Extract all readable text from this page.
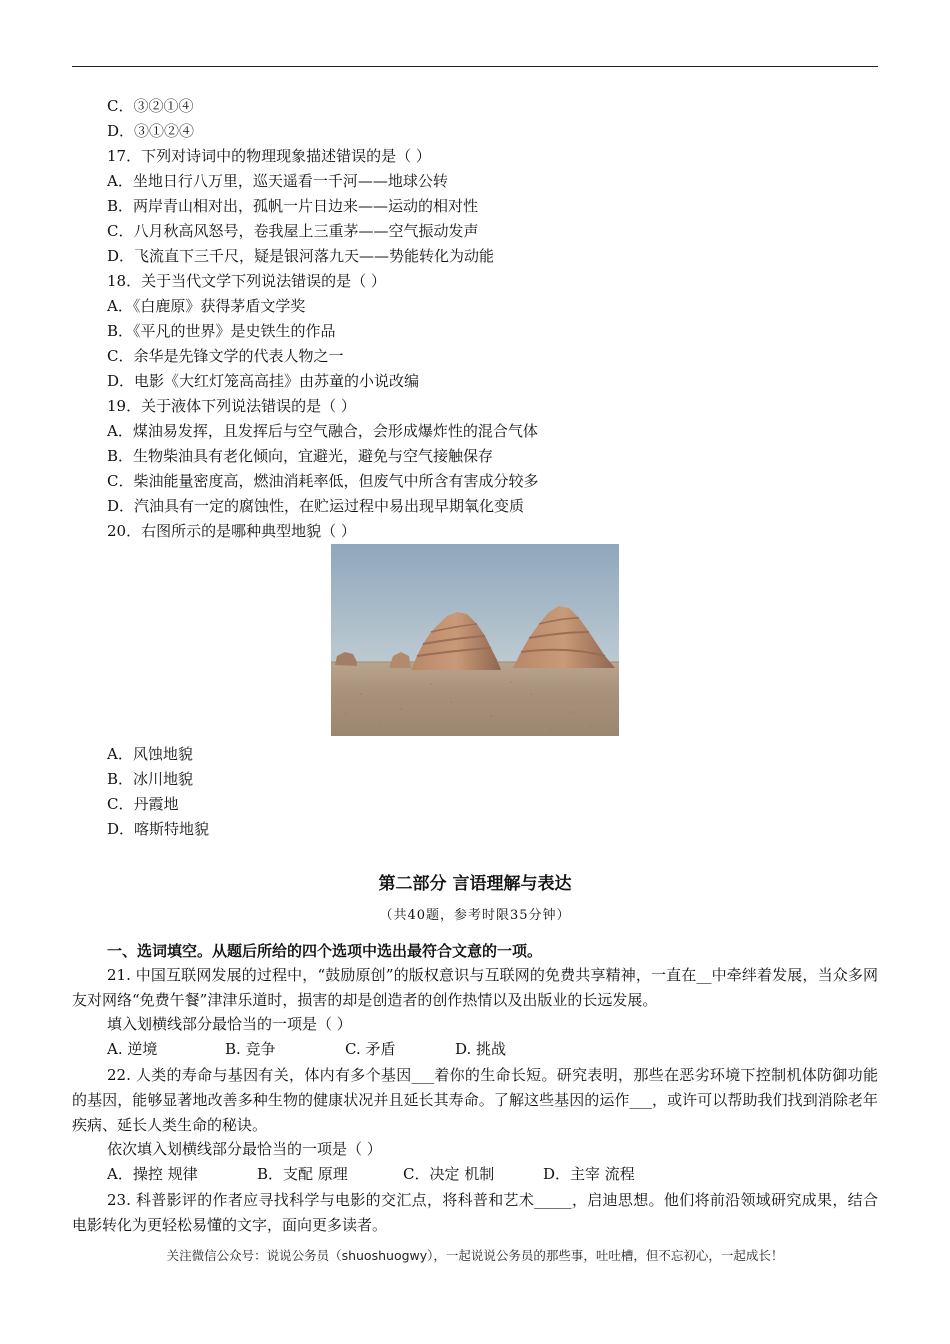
C．③②①④
D．③①②④
17．下列对诗词中的物理现象描述错误的是（ ）
A．坐地日行八万里，巡天遥看一千河——地球公转
B．两岸青山相对出，孤帆一片日边来——运动的相对性
C．八月秋高风怒号，卷我屋上三重茅——空气振动发声
D．飞流直下三千尺，疑是银河落九天——势能转化为动能
18．关于当代文学下列说法错误的是（ ）
A．《白鹿原》获得茅盾文学奖
B．《平凡的世界》是史铁生的作品
C．余华是先锋文学的代表人物之一
D．电影《大红灯笼高高挂》由苏童的小说改编
19．关于液体下列说法错误的是（ ）
A．煤油易发挥，且发挥后与空气融合，会形成爆炸性的混合气体
B．生物柴油具有老化倾向，宜避光，避免与空气接触保存
C．柴油能量密度高，燃油消耗率低，但废气中所含有害成分较多
D．汽油具有一定的腐蚀性，在贮运过程中易出现早期氧化变质
20．右图所示的是哪种典型地貌（ ）
A．风蚀地貌
B．冰川地貌
C．丹霞地
D．喀斯特地貌
第二部分 言语理解与表达
（共40题，参考时限35分钟）
一、选词填空。从题后所给的四个选项中选出最符合文意的一项。
21. 中国互联网发展的过程中，“鼓励原创”的版权意识与互联网的免费共享精神，一直在__中牵绊着发展，当众多网友对网络“免费午餐”津津乐道时，损害的却是创造者的创作热情以及出版业的长远发展。
填入划横线部分最恰当的一项是（ ）
A. 逆境	B. 竞争	C. 矛盾	D. 挑战
22. 人类的寿命与基因有关，体内有多个基因___着你的生命长短。研究表明，那些在恶劣环境下控制机体防御功能的基因，能够显著地改善多种生物的健康状况并且延长其寿命。了解这些基因的运作___，或许可以帮助我们找到消除老年疾病、延长人类生命的秘诀。
依次填入划横线部分最恰当的一项是（ ）
A．操控 规律	B．支配 原理	C．决定 机制	D．主宰 流程
23. 科普影评的作者应寻找科学与电影的交汇点，将科普和艺术_____，启迪思想。他们将前沿领域研究成果，结合电影转化为更轻松易懂的文字，面向更多读者。
关注微信公众号：说说公务员（shuoshuogwy），一起说说公务员的那些事，吐吐槽，但不忘初心，一起成长！
